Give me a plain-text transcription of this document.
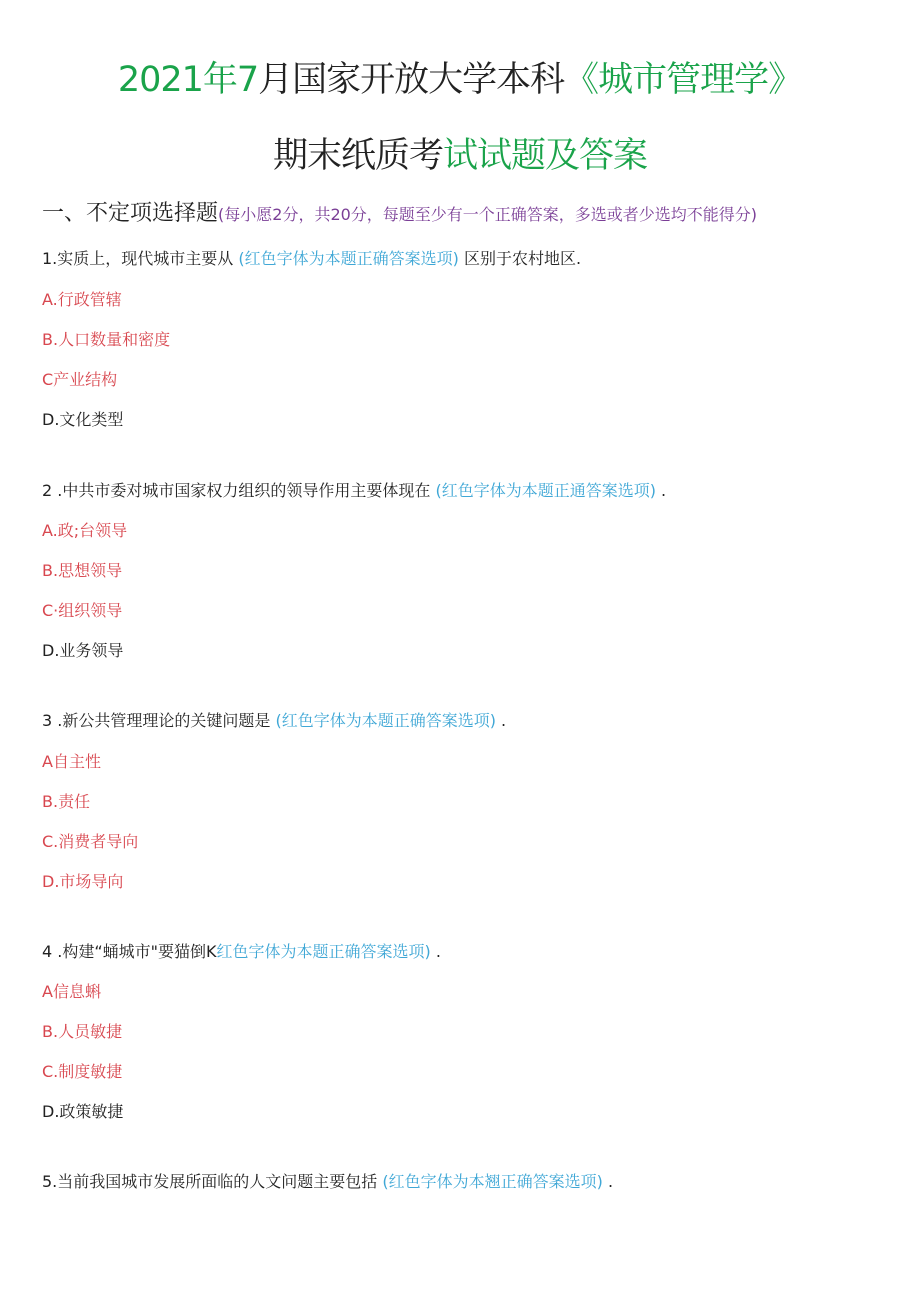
2021年7月国家开放大学本科《城市管理学》
期末纸质考试试题及答案
一、不定项选择题(每小愿2分，共20分，每题至少有一个正确答案，多选或者少选均不能得分)
1.实质上，现代城市主要从 (红色字体为本题正确答案选项) 区别于农村地区.
A.行政管辖
B.人口数量和密度
C产业结构
D.文化类型
2 .中共市委对城市国家权力组织的领导作用主要体现在 (红色字体为本题正通答案选项) .
A.政;台领导
B.思想领导
C·组织领导
D.业务领导
3 .新公共管理理论的关键问题是 (红色字体为本题正确答案选项) .
A自主性
B.责任
C.消费者导向
D.市场导向
4 .构建“蛹城市"要猫倒K红色字体为本题正确答案选项) .
A信息蝌
B.人员敏捷
C.制度敏捷
D.政策敏捷
5.当前我国城市发展所面临的人文问题主要包括 (红色字体为本翘正确答案选项) .
